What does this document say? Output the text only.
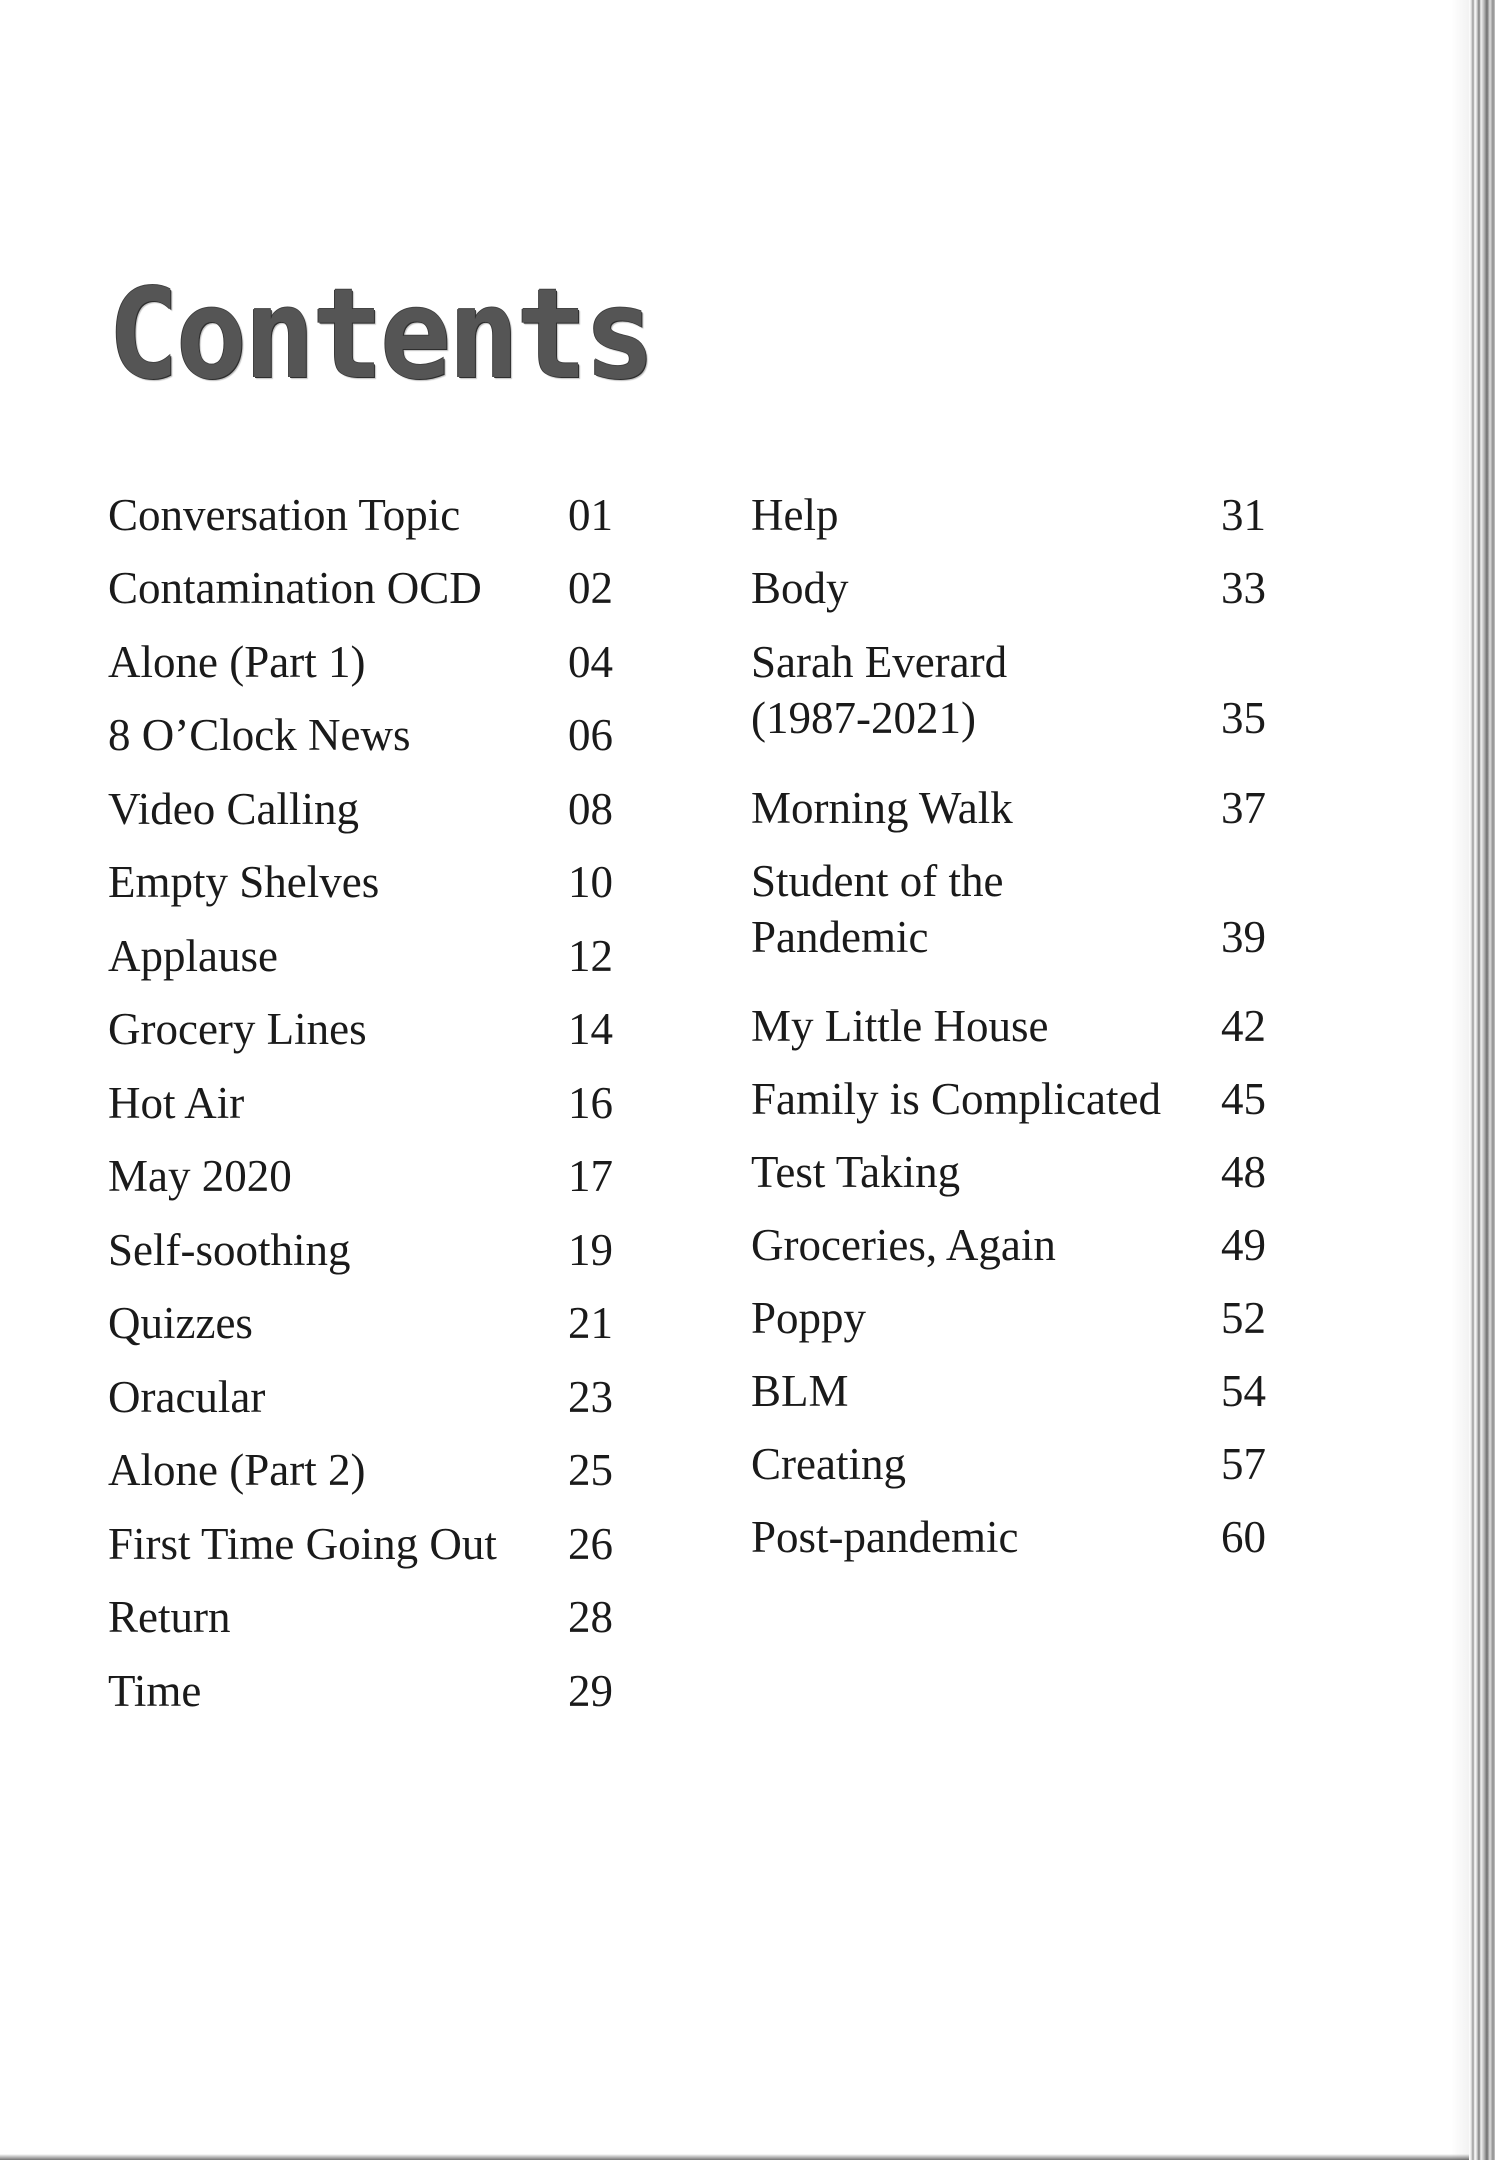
Contents
Conversation Topic 01
Contamination OCD 02
Alone (Part 1)	04
8 O’Clock News	06
Video Calling	08
Empty Shelves	10
Applause	12
Grocery Lines	14
Hot Air	16
May 2020	17
Self-soothing	19
Quizzes	21
Oracular	23
Alone (Part 2)	25
First Time Going Out 26
Return	28
Time	29
Help	31
Body	33
Sarah Everard
(1987-2021)	35
Morning Walk	37
Student of the
Pandemic	39
My Little House	42
Family is Complicated 45
Test Taking	48
Groceries, Again	49
Poppy	52
BLM	54
Creating	57
Post-pandemic	60
